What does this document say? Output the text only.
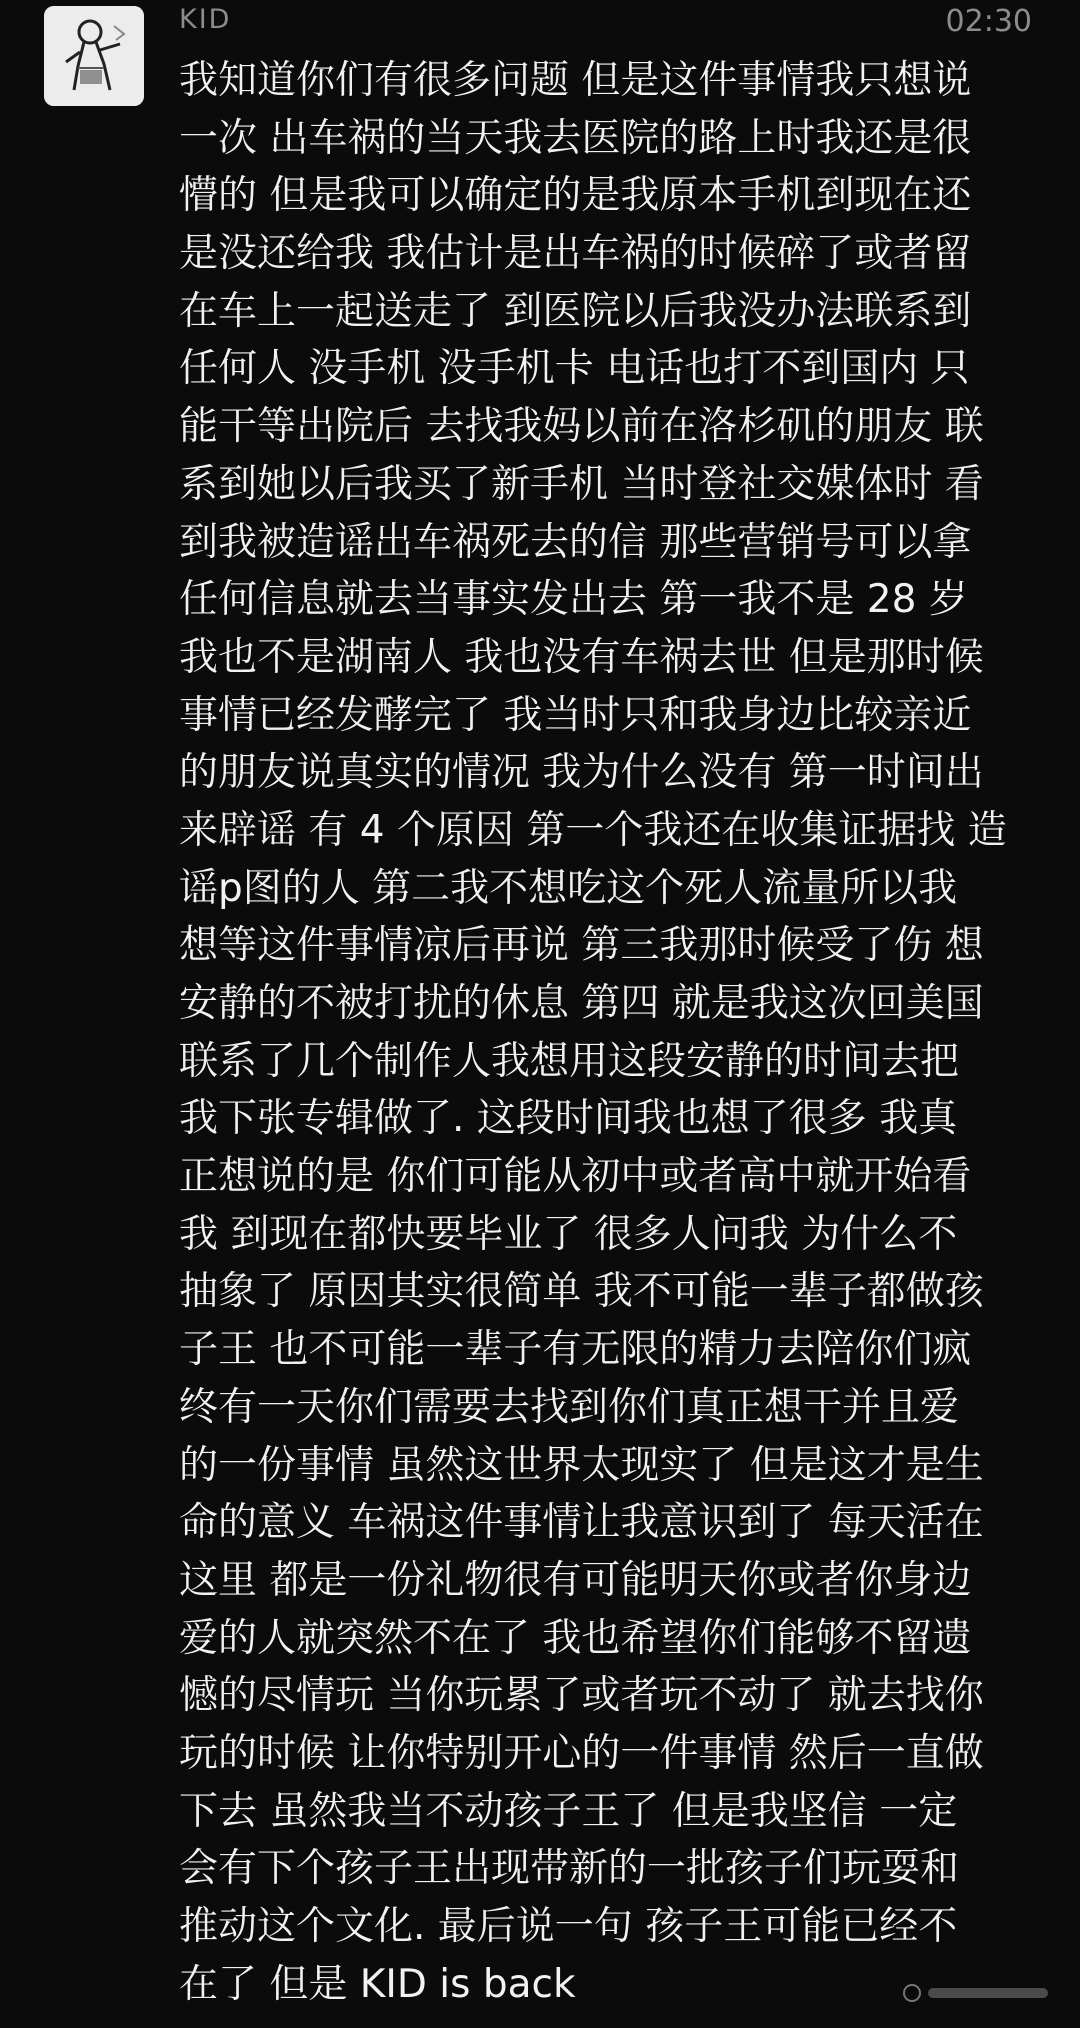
KID	02:30
我知道你们有很多问题 但是这件事情我只想说
一次 出车祸的当天我去医院的路上时我还是很
懵的 但是我可以确定的是我原本手机到现在还
是没还给我 我估计是出车祸的时候碎了或者留
在车上一起送走了 到医院以后我没办法联系到
任何人 没手机 没手机卡 电话也打不到国内 只
能干等出院后 去找我妈以前在洛杉矶的朋友 联
系到她以后我买了新手机 当时登社交媒体时 看
到我被造谣出车祸死去的信 那些营销号可以拿
任何信息就去当事实发出去 第一我不是 28 岁
我也不是湖南人 我也没有车祸去世 但是那时候
事情已经发酵完了 我当时只和我身边比较亲近
的朋友说真实的情况 我为什么没有 第一时间出
来辟谣 有 4 个原因 第一个我还在收集证据找 造
谣p图的人 第二我不想吃这个死人流量所以我
想等这件事情凉后再说 第三我那时候受了伤 想
安静的不被打扰的休息 第四 就是我这次回美国
联系了几个制作人我想用这段安静的时间去把
我下张专辑做了. 这段时间我也想了很多 我真
正想说的是 你们可能从初中或者高中就开始看
我 到现在都快要毕业了 很多人问我 为什么不
抽象了 原因其实很简单 我不可能一辈子都做孩
子王 也不可能一辈子有无限的精力去陪你们疯
终有一天你们需要去找到你们真正想干并且爱
的一份事情 虽然这世界太现实了 但是这才是生
命的意义 车祸这件事情让我意识到了 每天活在
这里 都是一份礼物很有可能明天你或者你身边
爱的人就突然不在了 我也希望你们能够不留遗
憾的尽情玩 当你玩累了或者玩不动了 就去找你
玩的时候 让你特别开心的一件事情 然后一直做
下去 虽然我当不动孩子王了 但是我坚信 一定
会有下个孩子王出现带新的一批孩子们玩耍和
推动这个文化. 最后说一句 孩子王可能已经不
在了 但是 KID is back
